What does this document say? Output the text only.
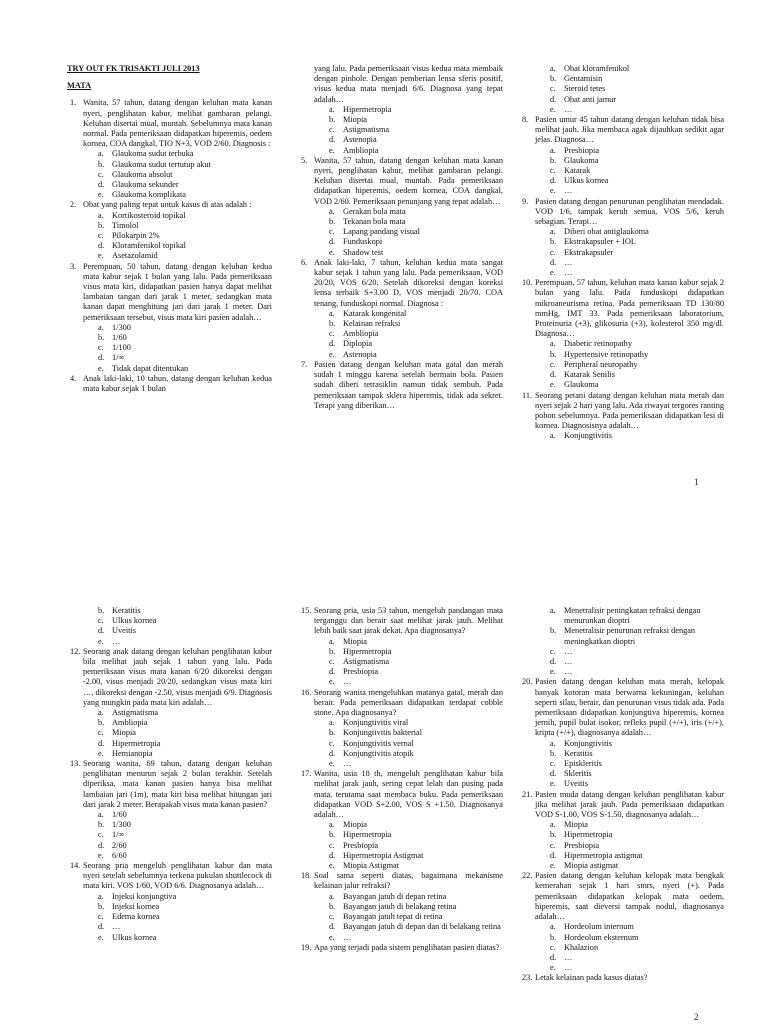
TRY OUT FK TRISAKTI JULI 2013
MATA
1. Wanita, 57 tahun, datang dengan keluhan mata kanan nyeri, penglihatan kabur, melihat gambaran pelangi. Keluhan disertai mual, muntah. Sebelumnya mata kanan normal. Pada pemeriksaan didapatkan hiperemis, oedem kornea, COA dangkal, TIO N+3, VOD 2/60. Diagnosis :
a. Glaukoma sudut terbuka
b. Glaukoma sudut tertutup akut
c. Glaukoma absolut
d. Glaukoma sekunder
e. Glaukoma komplikata
2. Obat yang paling tepat untuk kasus di atas adalah :
a. Kortikosteroid topikal
b. Timolol
c. Pilokarpin 2%
d. Kloramfenikol topikal
e. Asetazolamid
3. Perempuan, 50 tahun, datang dengan keluhan kedua mata kabur sejak 1 bulan yang lalu. Pada pemeriksaan visus mata kiri, didapatkan pasien hanya dapat melihat lambaian tangan dari jarak 1 meter, sedangkan mata kanan dapat menghitung jari dari jarak 1 meter. Dari pemeriksaan tersebut, visus mata kiri pasien adalah…
a. 1/300
b. 1/60
c. 1/100
d. 1/∞
e. Tidak dapat ditentukan
4. Anak laki-laki, 10 tahun, datang dengan keluhan kedua mata kabur sejak 1 bulan
yang lalu. Pada pemeriksaan visus kedua mata membaik dengan pinhole. Dengan pemberian lensa sferis positif, visus kedua mata menjadi 6/6. Diagnosa yang tepat adalah…
a. Hipermetropia
b. Miopia
c. Astigmatisma
d. Astenopia
e. Ambliopia
5. Wanita, 57 tahun, datang dengan keluhan mata kanan nyeri, penglihatan kabur, melihat gambaran pelangi. Keluhan disertai mual, muntah. Pada pemeriksaan didapatkan hiperemis, oedem kornea, COA dangkal, VOD 2/60. Pemeriksaan penunjang yang tepat adalah…
a. Gerakan bola mata
b. Tekanan bola mata
c. Lapang pandang visual
d. Funduskopi
e. Shadow test
6. Anak laki-laki, 7 tahun, keluhan kedua mata sangat kabur sejak 1 tahun yang lalu. Pada pemeriksaan, VOD 20/20, VOS 6/20. Setelah dikoreksi dengan koreksi lensa terbaik S+3.00 D, VOS menjadi 20/70. COA tenang, funduskopi normal. Diagnosa :
a. Katarak kongenital
b. Kelainan refraksi
c. Ambliopia
d. Diplopia
e. Astenopia
7. Pasien datang dengan keluhan mata gatal dan merah sudah 1 minggu karena setelah bermain bola. Pasien sudah diberi tetrasiklin namun tidak sembuh. Pada pemeriksaan tampak sklera hiperemis, tidak ada sekret. Terapi yang diberikan…
a. Obat kloramfenikol
b. Gentamisin
c. Steroid tetes
d. Obat anti jamur
e. …
8. Pasien umur 45 tahun datang dengan keluhan tidak bisa melihat jauh. Jika membaca agak dijauhkan sedikit agar jelas. Diagnosa…
a. Presbiopia
b. Glaukoma
c. Katarak
d. Ulkus kornea
e. …
9. Pasien datang dengan penurunan penglihatan mendadak. VOD 1/6, tampak keruh semua, VOS 5/6, keruh sebagian. Terapi…
a. Diberi obat antiglaukoma
b. Ekstrakapsuler + IOL
c. Ekstrakapsuler
d. …
e. …
10. Perempuan, 57 tahun, keluhan mata kanan kabur sejak 2 bulan yang lalu. Pada funduskopi didapatkan mikroaneurisma retina. Pada pemeriksaan TD 130/80 mmHg, IMT 33. Pada pemeriksaan laboratorium, Proteinuria (+3), glikosuria (+3), kolesterol 350 mg/dl. Diagnosa…
a. Diabetic retinopathy
b. Hypertensive retinopathy
c. Peripheral neuropathy
d. Katarak Senilis
e. Glaukoma
11. Seorang petani datang dengan keluhan mata merah dan nyeri sejak 2 hari yang lalu. Ada riwayat tergores ranting pohon sebelumnya. Pada pemeriksaan didapatkan lesi di kornea. Diagnosisnya adalah…
a. Konjungtivitis
1
b. Keratitis
c. Ulkus kornea
d. Uveitis
e. …
12. Seorang anak datang dengan keluhan penglihatan kabur bila melihat jauh sejak 1 tahun yang lalu. Pada pemeriksaan visus mata kanan 6/20 dikoreksi dengan -2.00, visus menjadi 20/20, sedangkan visus mata kiri …, dikoreksi dengan -2.50, visus menjadi 6/9. Diagnosis yang mungkin pada mata kiri adalah…
a. Astigmatisma
b. Ambliopia
c. Miopia
d. Hipermetropia
e. Hemianopia
13. Seorang wanita, 69 tahun, datang dengan keluhan penglihatan menurun sejak 2 bulan terakhir. Setelah diperiksa, mata kanan pasien hanya bisa melihat lambaian jari (1m), mata kiri bisa melihat hitungan jari dari jarak 2 meter. Berapakah visus mata kanan pasien?
a. 1/60
b. 1/300
c. 1/∞
d. 2/60
e. 6/60
14. Seorang pria mengeluh penglihatan kabur dan mata nyeri setelah sebelumnya terkena pukulan shuttlecock di mata kiri. VOS 1/60, VOD 6/6. Diagnosanya adalah…
a. Injeksi konjungtiva
b. Injeksi kornea
c. Edema kornea
d. …
e. Ulkus kornea
15. Seorang pria, usia 53 tahun, mengeluh pandangan mata terganggu dan berair saat melihat jarak jauh. Melihat lebih baik saat jarak dekat. Apa diagnosanya?
a. Miopia
b. Hipermetropia
c. Astigmatisma
d. Presbiopia
e. …
16. Seorang wanita mengeluhkan matanya gatal, merah dan berair. Pada pemeriksaan didapatkan terdapat cobble stone. Apa diagnosanya?
a. Konjungtivitis viral
b. Konjungtivitis bakterial
c. Konjungtivitis vernal
d. Konjungtivitis atopik
e. …
17. Wanita, usia 18 th, mengeluh penglihatan kabur bila melihat jarak jauh, sering cepat lelah dan pusing pada mata, terutama saat membaca buku. Pada pemeriksaan didapatkan VOD S+2.00, VOS S +1.50. Diagnosanya adalah…
a. Miopia
b. Hipermetropia
c. Presbiopia
d. Hipermetropia Astigmat
e. Miopia Astigmat
18. Soal sama seperti diatas, bagaimana mekanisme kelainan jalur refraksi?
a. Bayangan jatuh di depan retina
b. Bayangan jatuh di belakang retina
c. Bayangan jatuh tepat di retina
d. Bayangan jatuh di depan dan di belakang retina
e. …
19. Apa yang terjadi pada sistem penglihatan pasien diatas?
a. Menetralisir peningkatan refraksi dengan menurunkan dioptri
b. Menetralisir penurunan refraksi dengan meningkatkan dioptri
c. …
d. …
e. …
20. Pasien datang dengan keluhan mata merah, kelopak banyak kotoran mata berwarna kekuningan, keluhan seperti silau, berair, dan penurunan visus tidak ada. Pada pemeriksaan didapatkan konjungtiva hiperemis, kornea jernih, pupil bulat isokor, refleks pupil (+/+), iris (+/+), kripta (+/+), diagnosanya adalah…
a. Konjungtivitis
b. Keratitis
c. Episkleritis
d. Skleritis
e. Uveitis
21. Pasien muda datang dengan keluhan penglihatan kabur jika melihat jarak jauh. Pada pemeriksaan didapatkan VOD S-1.00, VOS S-1.50, diagnosanya adalah…
a. Miopia
b. Hipermetropia
c. Presbiopia
d. Hipermetropia astigmat
e. Miopia astigmat
22. Pasien datang dengan keluhan kelopak mata bengkak kemerahan sejak 1 hari smrs, nyeri (+). Pada pemeriksaan didapatkan kelopak mata oedem, hiperemis, saat dieversi tampak nodul, diagnosanya adalah…
a. Hordeolum internum
b. Hordeolum eksternum
c. Khalazion
d. …
e. …
23. Letak kelainan pada kasus diatas?
2
